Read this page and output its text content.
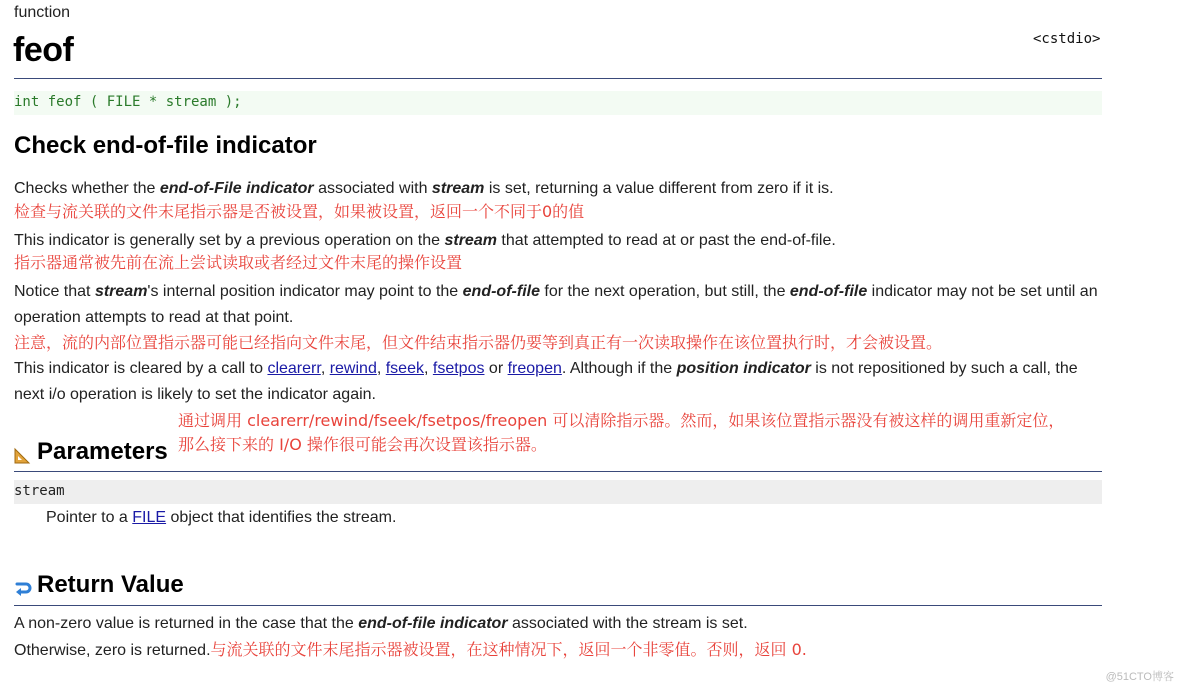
function
feof	<cstdio>
int feof ( FILE * stream );
Check end-of-file indicator
Checks whether the end-of-File indicator associated with stream is set, returning a value different from zero if it is.
检查与流关联的文件末尾指示器是否被设置，如果被设置，返回一个不同于0的值
This indicator is generally set by a previous operation on the stream that attempted to read at or past the end-of-file.
指示器通常被先前在流上尝试读取或者经过文件末尾的操作设置
Notice that stream's internal position indicator may point to the end-of-file for the next operation, but still, the end-of-file indicator may not be set until an operation attempts to read at that point.
注意，流的内部位置指示器可能已经指向文件末尾，但文件结束指示器仍要等到真正有一次读取操作在该位置执行时，才会被设置。
This indicator is cleared by a call to clearerr, rewind, fseek, fsetpos or freopen. Although if the position indicator is not repositioned by such a call, the next i/o operation is likely to set the indicator again.
通过调用 clearerr/rewind/fseek/fsetpos/freopen 可以清除指示器。然而，如果该位置指示器没有被这样的调用重新定位，
那么接下来的 I/O 操作很可能会再次设置该指示器。
Parameters
stream
Pointer to a FILE object that identifies the stream.
Return Value
A non-zero value is returned in the case that the end-of-file indicator associated with the stream is set.
Otherwise, zero is returned.与流关联的文件末尾指示器被设置，在这种情况下，返回一个非零值。否则，返回 0.
@51CTO博客
